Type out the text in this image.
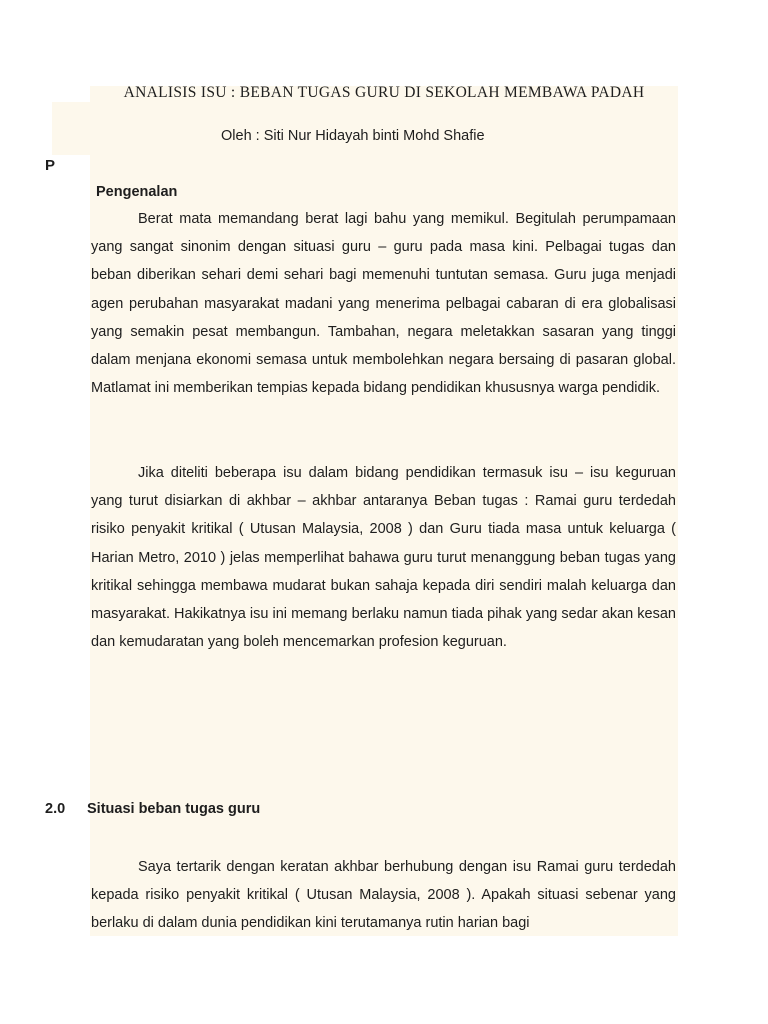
ANALISIS ISU : BEBAN TUGAS GURU DI SEKOLAH MEMBAWA PADAH
Oleh : Siti Nur Hidayah binti Mohd Shafie
P
Pengenalan

Berat mata memandang berat lagi bahu yang memikul. Begitulah perumpamaan yang sangat sinonim dengan situasi guru – guru pada masa kini. Pelbagai tugas dan beban diberikan sehari demi sehari bagi memenuhi tuntutan semasa. Guru juga menjadi agen perubahan masyarakat madani yang menerima pelbagai cabaran di era globalisasi yang semakin pesat membangun. Tambahan, negara meletakkan sasaran yang tinggi dalam menjana ekonomi semasa untuk membolehkan negara bersaing di pasaran global. Matlamat ini memberikan tempias kepada bidang pendidikan khususnya warga pendidik.

Jika diteliti beberapa isu dalam bidang pendidikan termasuk isu – isu keguruan yang turut disiarkan di akhbar – akhbar antaranya Beban tugas : Ramai guru terdedah risiko penyakit kritikal ( Utusan Malaysia, 2008 ) dan Guru tiada masa untuk keluarga ( Harian Metro, 2010 ) jelas memperlihat bahawa guru turut menanggung beban tugas yang kritikal sehingga membawa mudarat bukan sahaja kepada diri sendiri malah keluarga dan masyarakat. Hakikatnya isu ini memang berlaku namun tiada pihak yang sedar akan kesan dan kemudaratan yang boleh mencemarkan profesion keguruan.

2.0 Situasi beban tugas guru

Saya tertarik dengan keratan akhbar berhubung dengan isu Ramai guru terdedah kepada risiko penyakit kritikal ( Utusan Malaysia, 2008 ). Apakah situasi sebenar yang berlaku di dalam dunia pendidikan kini terutamanya rutin harian bagi
